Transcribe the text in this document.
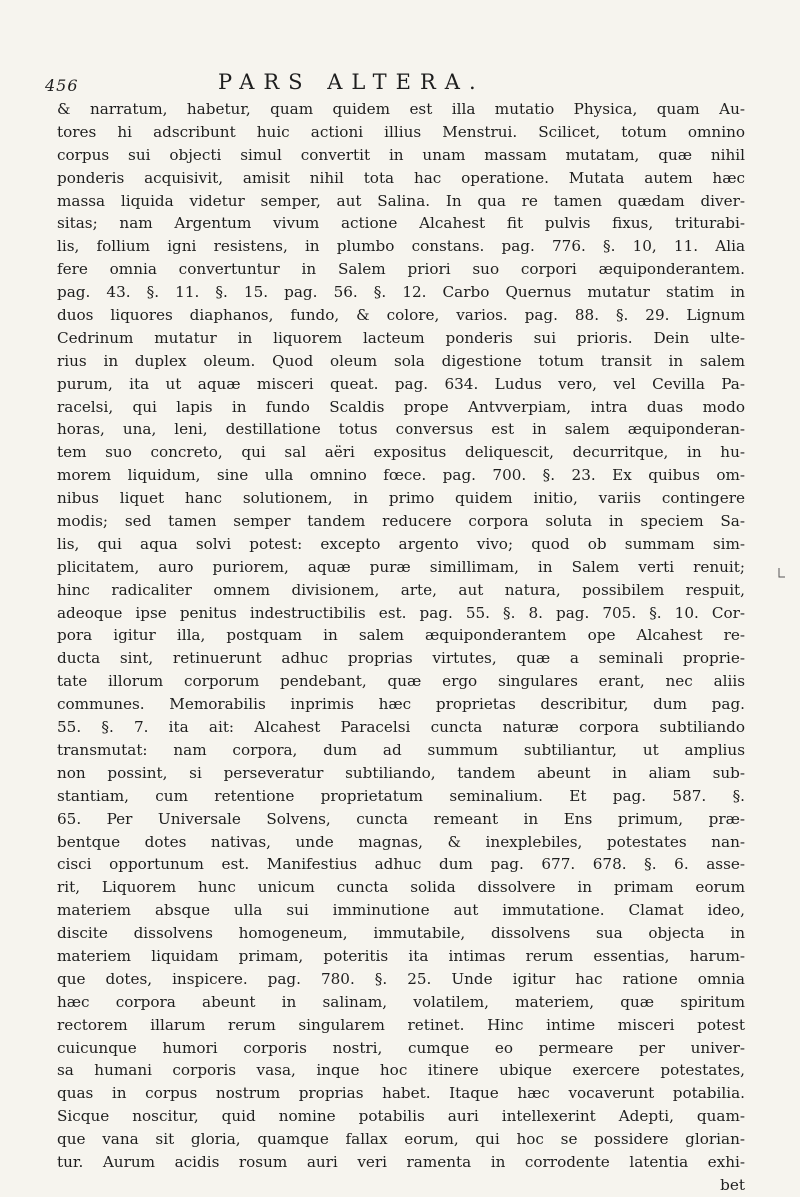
456	PARS ALTERA.
& narratum, habetur, quam quidem est illa mutatio Physica, quam Au-
tores hi adscribunt huic actioni illius Menstrui. Scilicet, totum omnino
corpus sui objecti simul convertit in unam massam mutatam, quæ nihil
ponderis acquisivit, amisit nihil tota hac operatione. Mutata autem hæc
massa liquida videtur semper, aut Salina. In qua re tamen quædam diver-
sitas; nam Argentum vivum actione Alcahest fit pulvis fixus, triturabi-
lis, follium igni resistens, in plumbo constans. pag. 776. §. 10, 11. Alia
fere omnia convertuntur in Salem priori suo corpori æquiponderantem.
pag. 43. §. 11. §. 15. pag. 56. §. 12. Carbo Quernus mutatur statim in
duos liquores diaphanos, fundo, & colore, varios. pag. 88. §. 29. Lignum
Cedrinum mutatur in liquorem lacteum ponderis sui prioris. Dein ulte-
rius in duplex oleum. Quod oleum sola digestione totum transit in salem
purum, ita ut aquæ misceri queat. pag. 634. Ludus vero, vel Cevilla Pa-
racelsi, qui lapis in fundo Scaldis prope Antvverpiam, intra duas modo
horas, una, leni, destillatione totus conversus est in salem æquiponderan-
tem suo concreto, qui sal aëri expositus deliquescit, decurritque, in hu-
morem liquidum, sine ulla omnino fœce. pag. 700. §. 23. Ex quibus om-
nibus liquet hanc solutionem, in primo quidem initio, variis contingere
modis; sed tamen semper tandem reducere corpora soluta in speciem Sa-
lis, qui aqua solvi potest: excepto argento vivo; quod ob summam sim-
plicitatem, auro puriorem, aquæ puræ simillimam, in Salem verti renuit;
hinc radicaliter omnem divisionem, arte, aut natura, possibilem respuit,
adeoque ipse penitus indestructibilis est. pag. 55. §. 8. pag. 705. §. 10. Cor-
pora igitur illa, postquam in salem æquiponderantem ope Alcahest re-
ducta sint, retinuerunt adhuc proprias virtutes, quæ a seminali proprie-
tate illorum corporum pendebant, quæ ergo singulares erant, nec aliis
communes. Memorabilis inprimis hæc proprietas describitur, dum pag.
55. §. 7. ita ait: Alcahest Paracelsi cuncta naturæ corpora subtiliando
transmutat: nam corpora, dum ad summum subtiliantur, ut amplius
non possint, si perseveratur subtiliando, tandem abeunt in aliam sub-
stantiam, cum retentione proprietatum seminalium. Et pag. 587. §.
65. Per Universale Solvens, cuncta remeant in Ens primum, præ-
bentque dotes nativas, unde magnas, & inexplebiles, potestates nan-
cisci opportunum est. Manifestius adhuc dum pag. 677. 678. §. 6. asse-
rit, Liquorem hunc unicum cuncta solida dissolvere in primam eorum
materiem absque ulla sui imminutione aut immutatione. Clamat ideo,
discite dissolvens homogeneum, immutabile, dissolvens sua objecta in
materiem liquidam primam, poteritis ita intimas rerum essentias, harum-
que dotes, inspicere. pag. 780. §. 25. Unde igitur hac ratione omnia
hæc corpora abeunt in salinam, volatilem, materiem, quæ spiritum
rectorem illarum rerum singularem retinet. Hinc intime misceri potest
cuicunque humori corporis nostri, cumque eo permeare per univer-
sa humani corporis vasa, inque hoc itinere ubique exercere potestates,
quas in corpus nostrum proprias habet. Itaque hæc vocaverunt potabilia.
Sicque noscitur, quid nomine potabilis auri intellexerint Adepti, quam-
que vana sit gloria, quamque fallax eorum, qui hoc se possidere glorian-
tur. Aurum acidis rosum auri veri ramenta in corrodente latentia exhi-
bet
